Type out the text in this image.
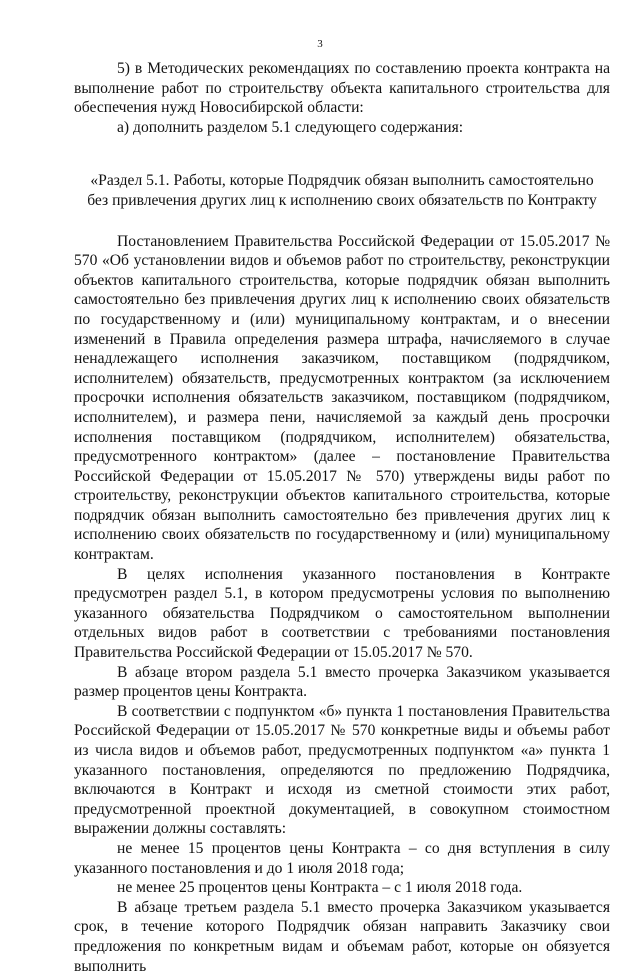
3

5) в Методических рекомендациях по составлению проекта контракта на выполнение работ по строительству объекта капитального строительства для обеспечения нужд Новосибирской области:

а) дополнить разделом 5.1 следующего содержания:

«Раздел 5.1. Работы, которые Подрядчик обязан выполнить самостоятельно

без привлечения других лиц к исполнению своих обязательств по Контракту

Постановлением Правительства Российской Федерации от 15.05.2017 № 570 «Об установлении видов и объемов работ по строительству, реконструкции объектов капитального строительства, которые подрядчик обязан выполнить самостоятельно без привлечения других лиц к исполнению своих обязательств по государственному и (или) муниципальному контрактам, и о внесении изменений в Правила определения размера штрафа, начисляемого в случае ненадлежащего исполнения заказчиком, поставщиком (подрядчиком, исполнителем) обязательств, предусмотренных контрактом (за исключением просрочки исполнения обязательств заказчиком, поставщиком (подрядчиком, исполнителем), и размера пени, начисляемой за каждый день просрочки исполнения поставщиком (подрядчиком, исполнителем) обязательства, предусмотренного контрактом» (далее – постановление Правительства Российской Федерации от 15.05.2017 № 570) утверждены виды работ по строительству, реконструкции объектов капитального строительства, которые подрядчик обязан выполнить самостоятельно без привлечения других лиц к исполнению своих обязательств по государственному и (или) муниципальному контрактам.

В целях исполнения указанного постановления в Контракте предусмотрен раздел 5.1, в котором предусмотрены условия по выполнению указанного обязательства Подрядчиком о самостоятельном выполнении отдельных видов работ в соответствии с требованиями постановления Правительства Российской Федерации от 15.05.2017 № 570.

В абзаце втором раздела 5.1 вместо прочерка Заказчиком указывается размер процентов цены Контракта.

В соответствии с подпунктом «б» пункта 1 постановления Правительства Российской Федерации от 15.05.2017 № 570 конкретные виды и объемы работ из числа видов и объемов работ, предусмотренных подпунктом «а» пункта 1 указанного постановления, определяются по предложению Подрядчика, включаются в Контракт и исходя из сметной стоимости этих работ, предусмотренной проектной документацией, в совокупном стоимостном выражении должны составлять:

не менее 15 процентов цены Контракта – со дня вступления в силу указанного постановления и до 1 июля 2018 года;

не менее 25 процентов цены Контракта – с 1 июля 2018 года.

В абзаце третьем раздела 5.1 вместо прочерка Заказчиком указывается срок, в течение которого Подрядчик обязан направить Заказчику свои предложения по конкретным видам и объемам работ, которые он обязуется выполнить
